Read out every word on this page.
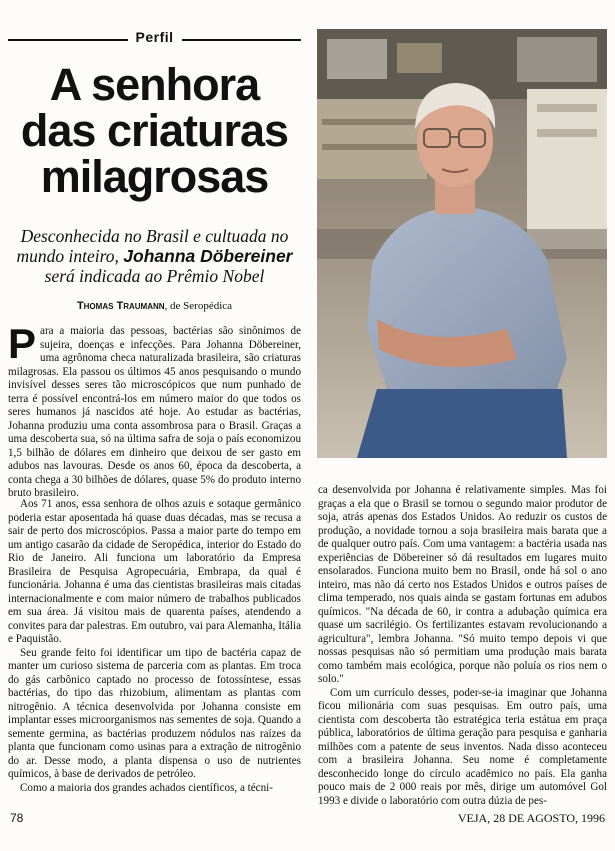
Perfil
A senhora das criaturas milagrosas

Desconhecida no Brasil e cultuada no mundo inteiro, Johanna Döbereiner será indicada ao Prêmio Nobel

Thomas Traumann, de Seropédica
P ara a maioria das pessoas, bactérias são sinônimos de sujeira, doenças e infecções. Para Johanna Döbereiner, uma agrônoma checa naturalizada brasileira, são criaturas milagrosas. Ela passou os últimos 45 anos pesquisando o mundo invisível desses seres tão microscópicos que num punhado de terra é possível encontrá-los em número maior do que todos os seres humanos já nascidos até hoje. Ao estudar as bactérias, Johanna produziu uma conta assombrosa para o Brasil. Graças a uma descoberta sua, só na última safra de soja o país economizou 1,5 bilhão de dólares em dinheiro que deixou de ser gasto em adubos nas lavouras. Desde os anos 60, época da descoberta, a conta chega a 30 bilhões de dólares, quase 5% do produto interno bruto brasileiro.

Aos 71 anos, essa senhora de olhos azuis e sotaque germânico poderia estar aposentada há quase duas décadas, mas se recusa a sair de perto dos microscópios. Passa a maior parte do tempo em um antigo casarão da cidade de Seropédica, interior do Estado do Rio de Janeiro. Ali funciona um laboratório da Empresa Brasileira de Pesquisa Agropecuária, Embrapa, da qual é funcionária. Johanna é uma das cientistas brasileiras mais citadas internacionalmente e com maior número de trabalhos publicados em sua área. Já visitou mais de quarenta países, atendendo a convites para dar palestras. Em outubro, vai para Alemanha, Itália e Paquistão.

Seu grande feito foi identificar um tipo de bactéria capaz de manter um curioso sistema de parceria com as plantas. Em troca do gás carbônico captado no processo de fotossíntese, essas bactérias, do tipo das rhizobium, alimentam as plantas com nitrogênio. A técnica desenvolvida por Johanna consiste em implantar esses microorganismos nas sementes de soja. Quando a semente germina, as bactérias produzem nódulos nas raízes da planta que funcionam como usinas para a extração de nitrogênio do ar. Desse modo, a planta dispensa o uso de nutrientes químicos, à base de derivados de petróleo.

Como a maioria dos grandes achados científicos, a técni-

ca desenvolvida por Johanna é relativamente simples. Mas foi graças a ela que o Brasil se tornou o segundo maior produtor de soja, atrás apenas dos Estados Unidos. Ao reduzir os custos de produção, a novidade tornou a soja brasileira mais barata que a de qualquer outro país. Com uma vantagem: a bactéria usada nas experiências de Döbereiner só dá resultados em lugares muito ensolarados. Funciona muito bem no Brasil, onde há sol o ano inteiro, mas não dá certo nos Estados Unidos e outros países de clima temperado, nos quais ainda se gastam fortunas em adubos químicos. "Na década de 60, ir contra a adubação química era quase um sacrilégio. Os fertilizantes estavam revolucionando a agricultura", lembra Johanna. "Só muito tempo depois vi que nossas pesquisas não só permitiam uma produção mais barata como também mais ecológica, porque não poluía os rios nem o solo."

Com um currículo desses, poder-se-ia imaginar que Johanna ficou milionária com suas pesquisas. Em outro país, uma cientista com descoberta tão estratégica teria estátua em praça pública, laboratórios de última geração para pesquisa e ganharia milhões com a patente de seus inventos. Nada disso aconteceu com a brasileira Johanna. Seu nome é completamente desconhecido longe do círculo acadêmico no país. Ela ganha pouco mais de 2 000 reais por mês, dirige um automóvel Gol 1993 e divide o laboratório com outra dúzia de pes-

78	VEJA, 28 DE AGOSTO, 1996
